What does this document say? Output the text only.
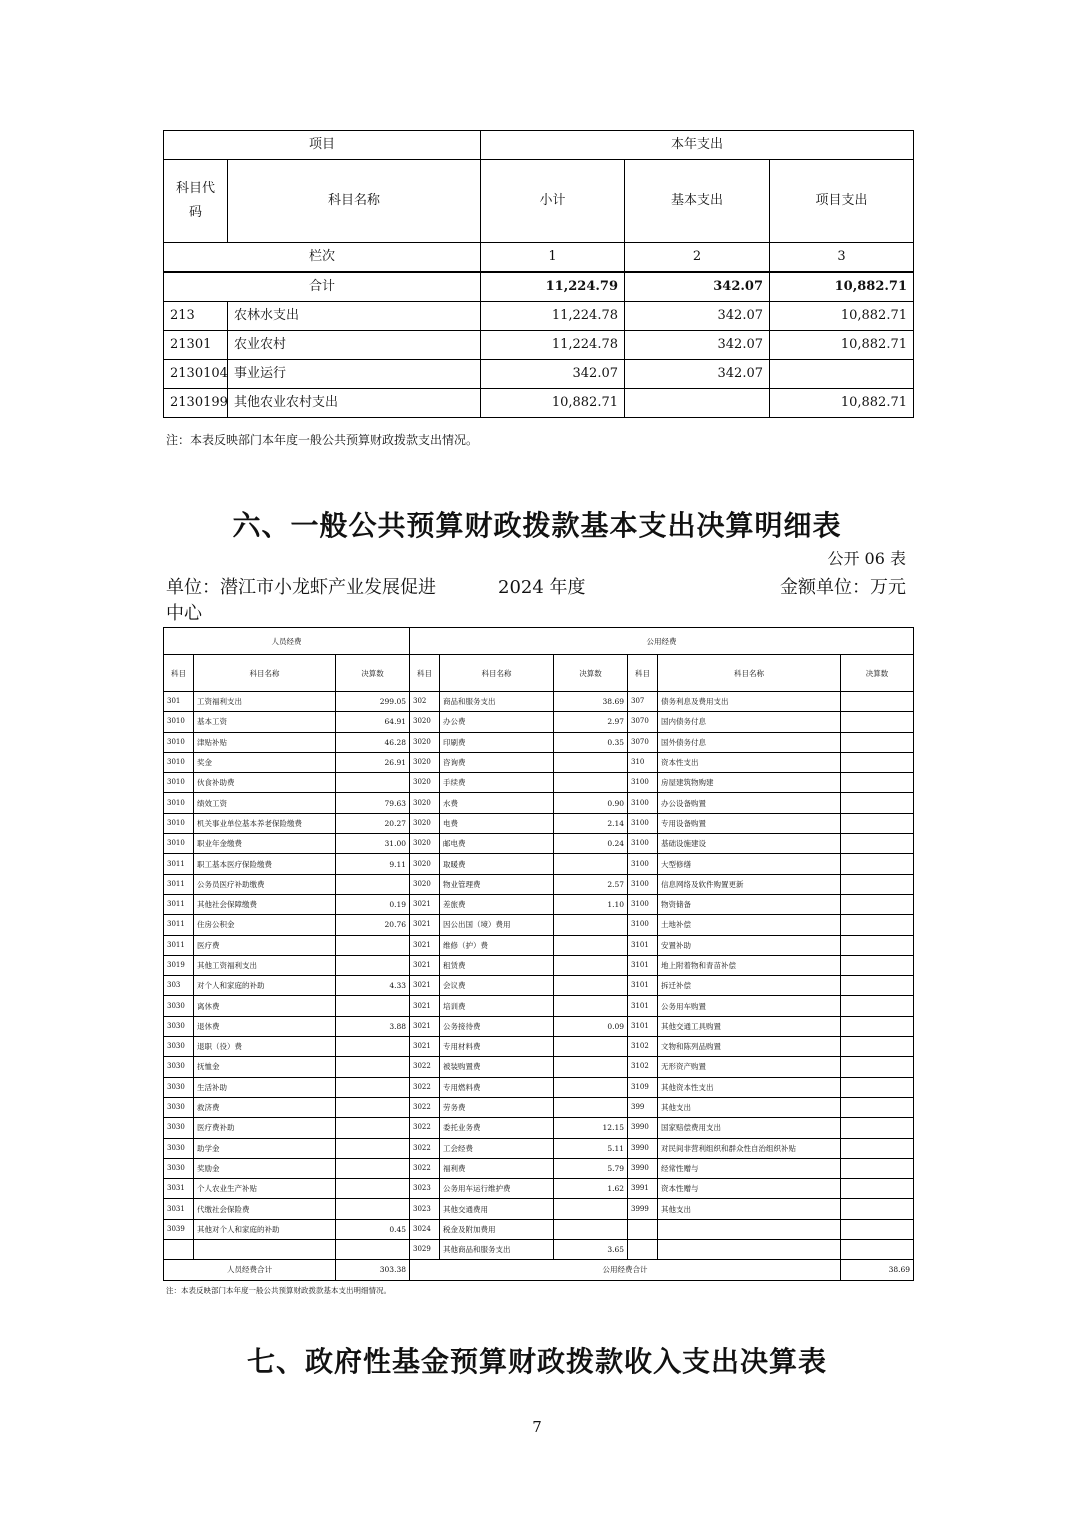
项目		本年支出		
科目代码	科目名称	小计	基本支出	项目支出
栏次		1	2	3
合计		11,224.79	342.07	10,882.71
213	农林水支出	11,224.78	342.07	10,882.71
21301	农业农村	11,224.78	342.07	10,882.71
2130104	事业运行	342.07	342.07	
2130199	其他农业农村支出	10,882.71		10,882.71
注：本表反映部门本年度一般公共预算财政拨款支出情况。
六、一般公共预算财政拨款基本支出决算明细表
公开 06 表
单位：潜江市小龙虾产业发展促进
中心
2024 年度	金额单位：万元
人员经费			公用经费					
科目	科目名称	决算数	科目	科目名称	决算数	科目	科目名称	决算数
301	工资福利支出	299.05	302	商品和服务支出	38.69	307	债务利息及费用支出	
3010	基本工资	64.91	3020	办公费	2.97	3070	国内债务付息	
3010	津贴补贴	46.28	3020	印刷费	0.35	3070	国外债务付息	
3010	奖金	26.91	3020	咨询费		310	资本性支出	
3010	伙食补助费		3020	手续费		3100	房屋建筑物购建	
3010	绩效工资	79.63	3020	水费	0.90	3100	办公设备购置	
3010	机关事业单位基本养老保险缴费	20.27	3020	电费	2.14	3100	专用设备购置	
3010	职业年金缴费	31.00	3020	邮电费	0.24	3100	基础设施建设	
3011	职工基本医疗保险缴费	9.11	3020	取暖费		3100	大型修缮	
3011	公务员医疗补助缴费		3020	物业管理费	2.57	3100	信息网络及软件购置更新	
3011	其他社会保障缴费	0.19	3021	差旅费	1.10	3100	物资储备	
3011	住房公积金	20.76	3021	因公出国（境）费用		3100	土地补偿	
3011	医疗费		3021	维修（护）费		3101	安置补助	
3019	其他工资福利支出		3021	租赁费		3101	地上附着物和青苗补偿	
303	对个人和家庭的补助	4.33	3021	会议费		3101	拆迁补偿	
3030	离休费		3021	培训费		3101	公务用车购置	
3030	退休费	3.88	3021	公务接待费	0.09	3101	其他交通工具购置	
3030	退职（役）费		3021	专用材料费		3102	文物和陈列品购置	
3030	抚恤金		3022	被装购置费		3102	无形资产购置	
3030	生活补助		3022	专用燃料费		3109	其他资本性支出	
3030	救济费		3022	劳务费		399	其他支出	
3030	医疗费补助		3022	委托业务费	12.15	3990	国家赔偿费用支出	
3030	助学金		3022	工会经费	5.11	3990	对民间非营利组织和群众性自治组织补贴	
3030	奖励金		3022	福利费	5.79	3990	经常性赠与	
3031	个人农业生产补贴		3023	公务用车运行维护费	1.62	3991	资本性赠与	
3031	代缴社会保险费		3023	其他交通费用		3999	其他支出	
3039	其他对个人和家庭的补助	0.45	3024	税金及附加费用				
			3029	其他商品和服务支出	3.65			
人员经费合计		303.38	公用经费合计					38.69
注：本表反映部门本年度一般公共预算财政拨款基本支出明细情况。
七、政府性基金预算财政拨款收入支出决算表
7
